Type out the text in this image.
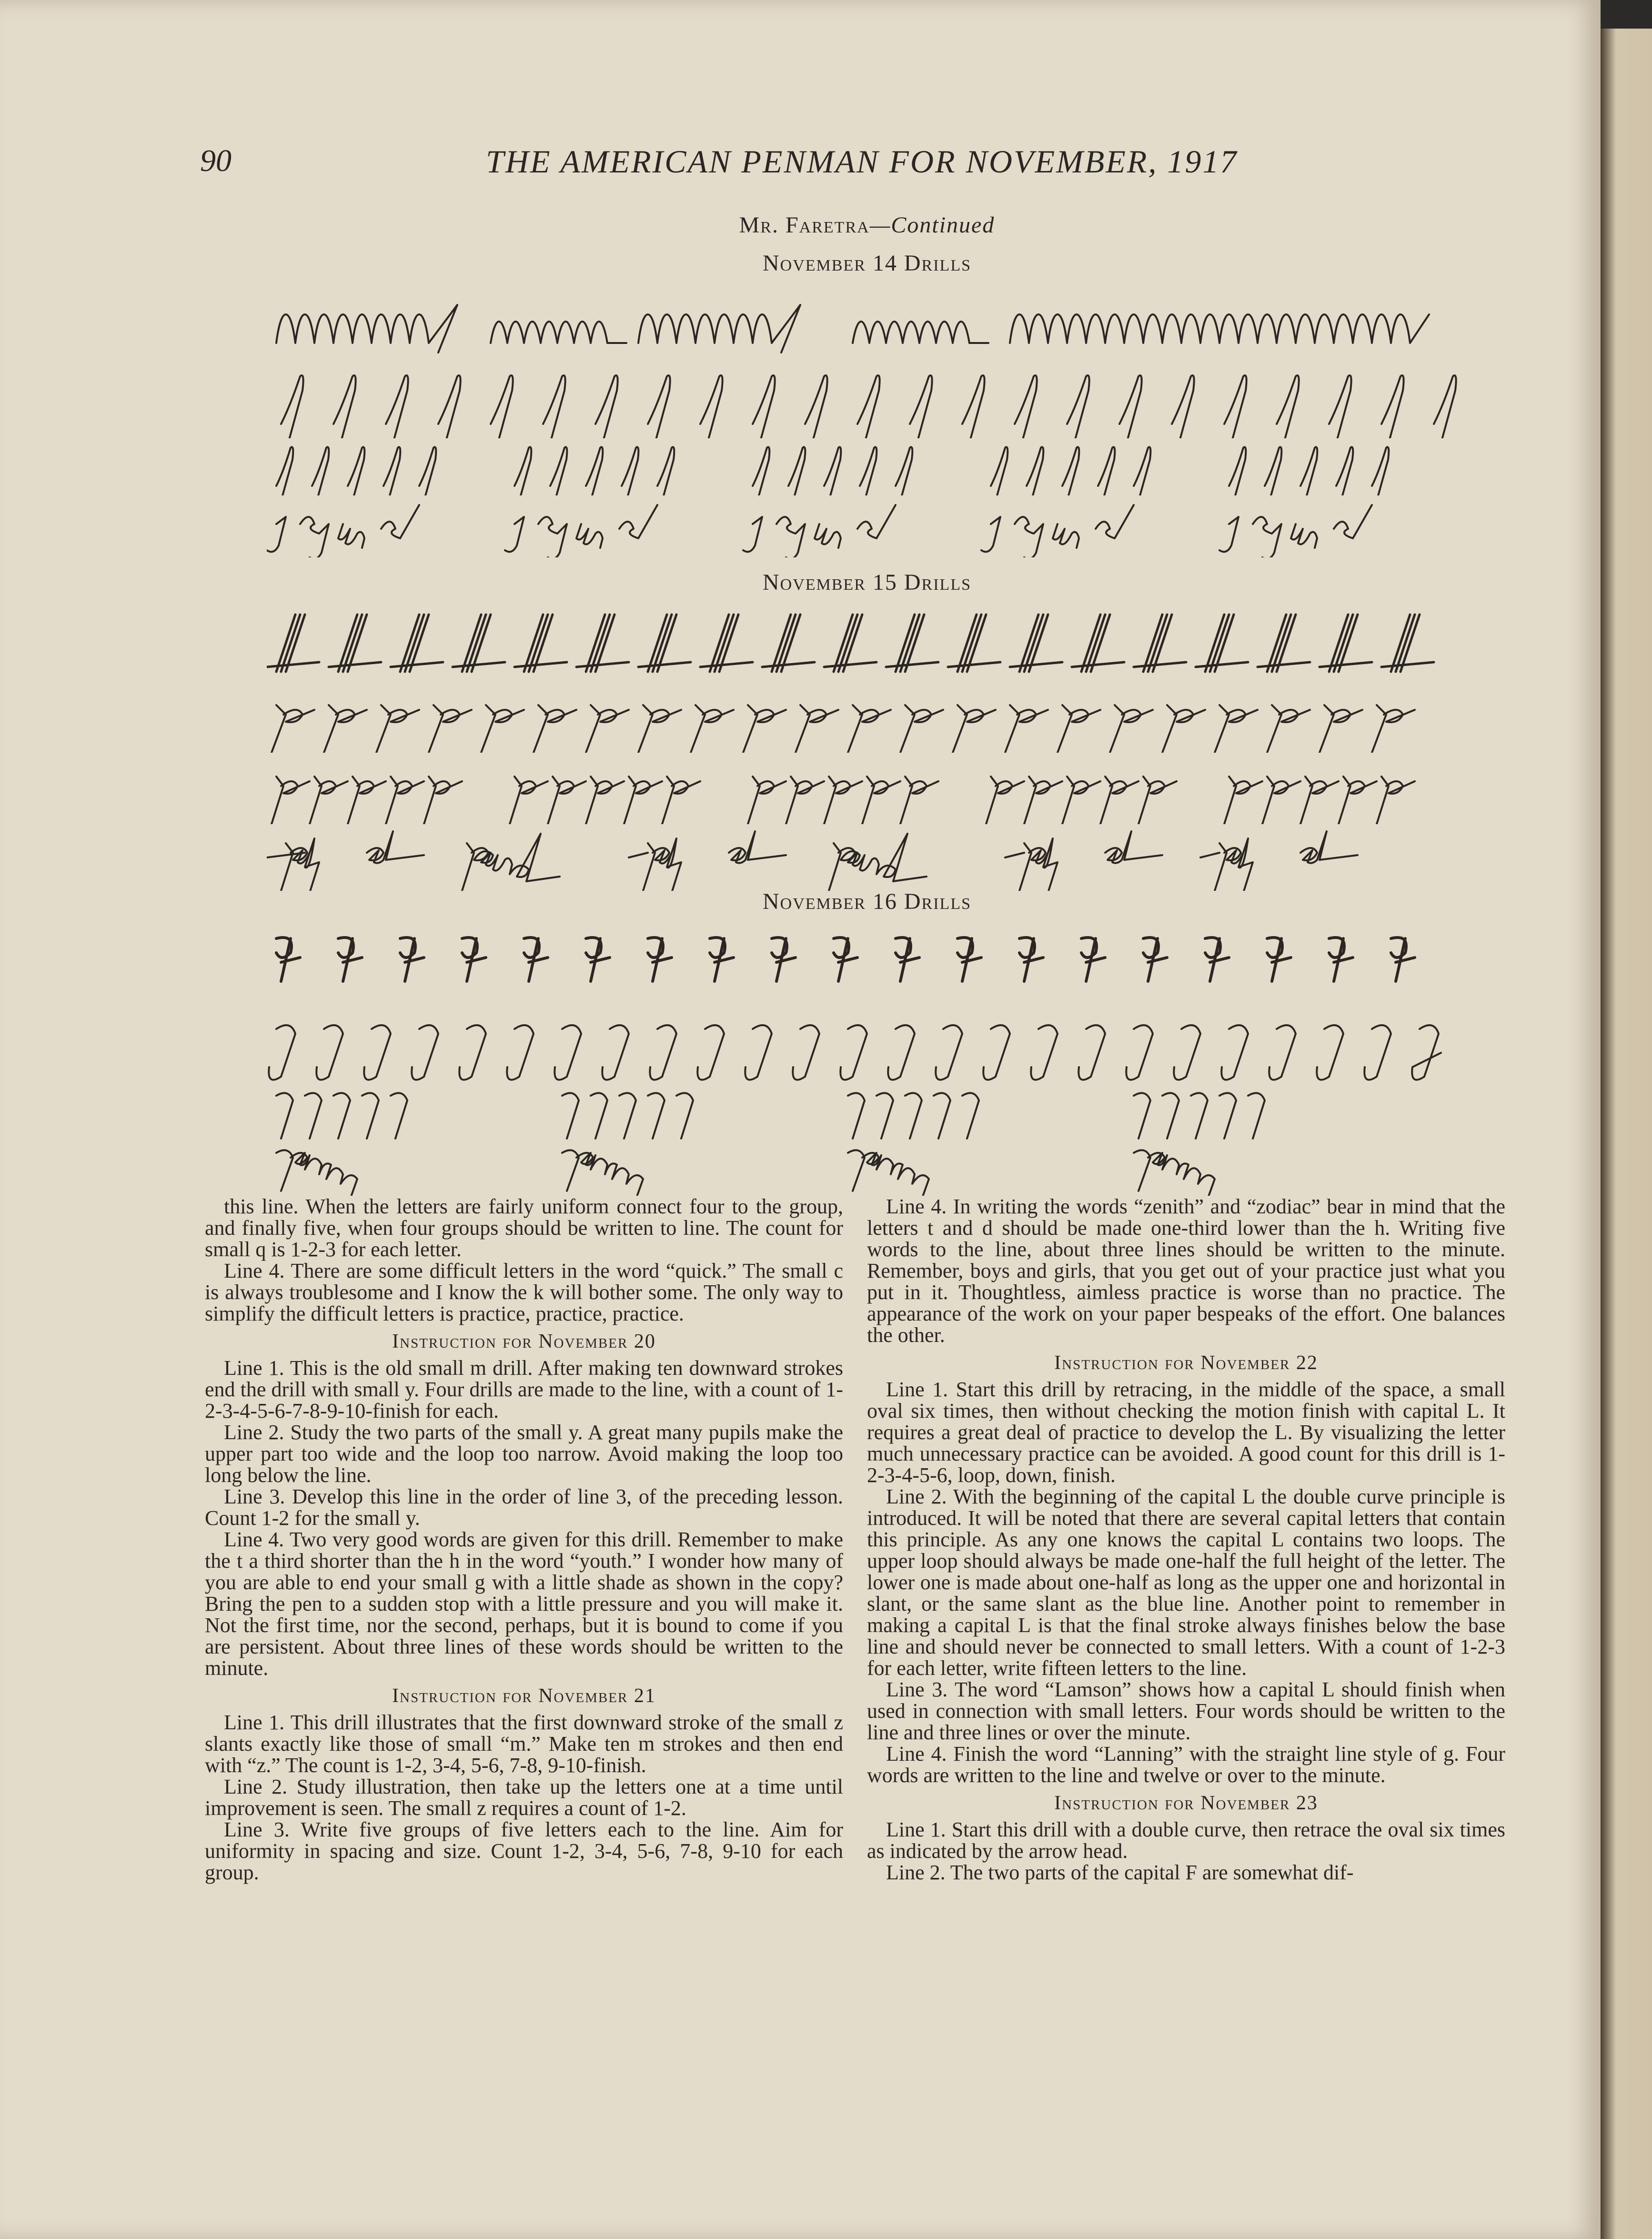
90	THE AMERICAN PENMAN FOR NOVEMBER, 1917
Mr. Faretra—Continued
November 14 Drills
November 15 Drills
November 16 Drills

this line. When the letters are fairly uniform connect four to the group, and finally five, when four groups should be written to line. The count for small q is 1-2-3 for each letter.

Line 4. There are some difficult letters in the word “quick.” The small c is always troublesome and I know the k will bother some. The only way to simplify the difficult letters is practice, practice, practice.

Instruction for November 20

Line 1. This is the old small m drill. After making ten downward strokes end the drill with small y. Four drills are made to the line, with a count of 1-2-3-4-5-6-7-8-9-10-finish for each.

Line 2. Study the two parts of the small y. A great many pupils make the upper part too wide and the loop too narrow. Avoid making the loop too long below the line.

Line 3. Develop this line in the order of line 3, of the preceding lesson. Count 1-2 for the small y.

Line 4. Two very good words are given for this drill. Remember to make the t a third shorter than the h in the word “youth.” I wonder how many of you are able to end your small g with a little shade as shown in the copy? Bring the pen to a sudden stop with a little pressure and you will make it. Not the first time, nor the second, perhaps, but it is bound to come if you are persistent. About three lines of these words should be written to the minute.

Instruction for November 21

Line 1. This drill illustrates that the first downward stroke of the small z slants exactly like those of small “m.” Make ten m strokes and then end with “z.” The count is 1-2, 3-4, 5-6, 7-8, 9-10-finish.

Line 2. Study illustration, then take up the letters one at a time until improvement is seen. The small z requires a count of 1-2.

Line 3. Write five groups of five letters each to the line. Aim for uniformity in spacing and size. Count 1-2, 3-4, 5-6, 7-8, 9-10 for each group.

Line 4. In writing the words “zenith” and “zodiac” bear in mind that the letters t and d should be made one-third lower than the h. Writing five words to the line, about three lines should be written to the minute. Remember, boys and girls, that you get out of your practice just what you put in it. Thoughtless, aimless practice is worse than no practice. The appearance of the work on your paper bespeaks of the effort. One balances the other.

Instruction for November 22

Line 1. Start this drill by retracing, in the middle of the space, a small oval six times, then without checking the motion finish with capital L. It requires a great deal of practice to develop the L. By visualizing the letter much unnecessary practice can be avoided. A good count for this drill is 1-2-3-4-5-6, loop, down, finish.

Line 2. With the beginning of the capital L the double curve principle is introduced. It will be noted that there are several capital letters that contain this principle. As any one knows the capital L contains two loops. The upper loop should always be made one-half the full height of the letter. The lower one is made about one-half as long as the upper one and horizontal in slant, or the same slant as the blue line. Another point to remember in making a capital L is that the final stroke always finishes below the base line and should never be connected to small letters. With a count of 1-2-3 for each letter, write fifteen letters to the line.

Line 3. The word “Lamson” shows how a capital L should finish when used in connection with small letters. Four words should be written to the line and three lines or over the minute.

Line 4. Finish the word “Lanning” with the straight line style of g. Four words are written to the line and twelve or over to the minute.

Instruction for November 23

Line 1. Start this drill with a double curve, then retrace the oval six times as indicated by the arrow head.

Line 2. The two parts of the capital F are somewhat dif-
